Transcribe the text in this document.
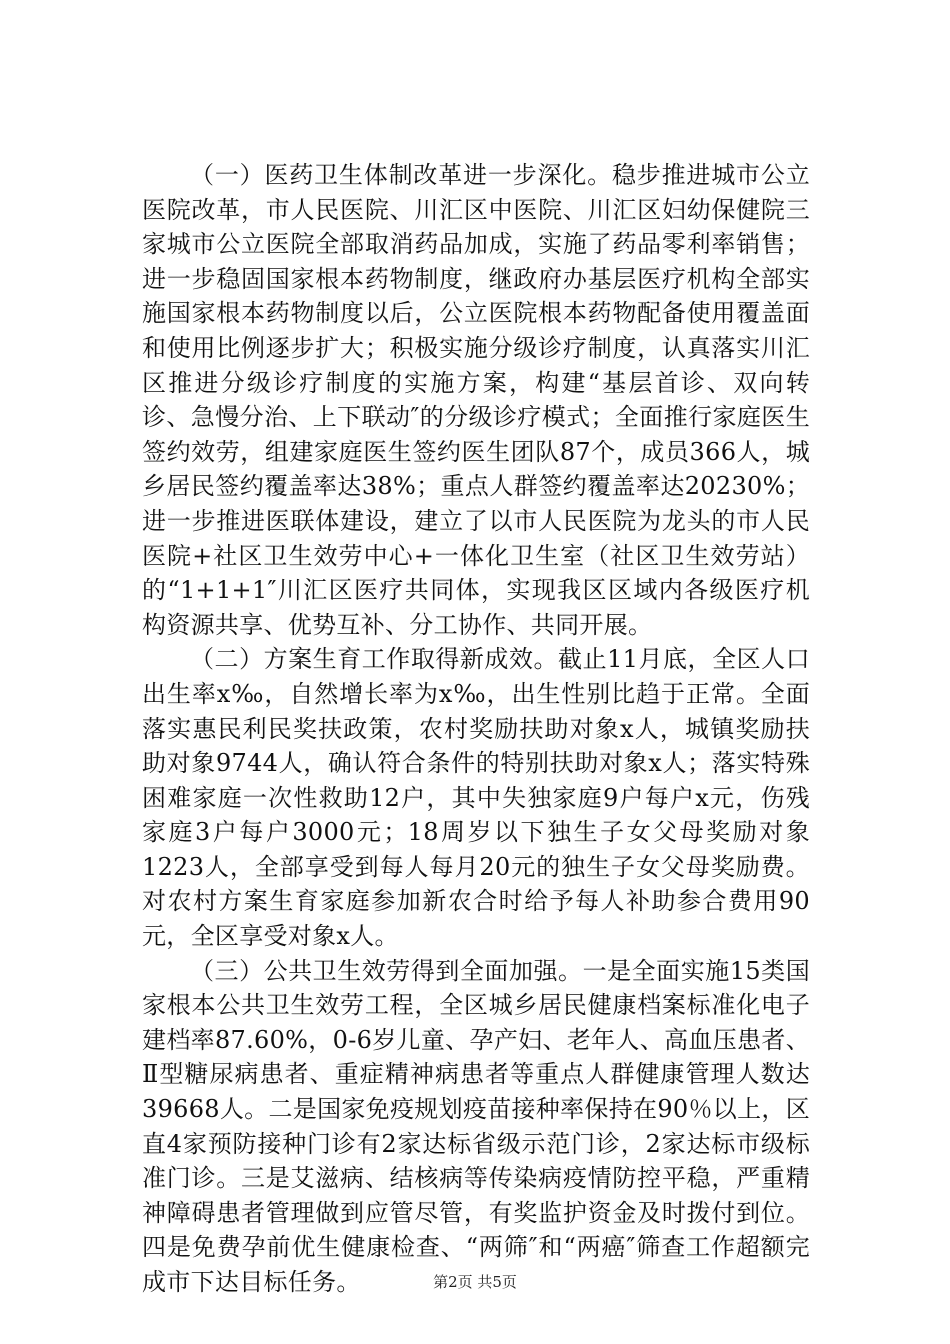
（一）医药卫生体制改革进一步深化。稳步推进城市公立医院改革，市人民医院、川汇区中医院、川汇区妇幼保健院三家城市公立医院全部取消药品加成，实施了药品零利率销售；进一步稳固国家根本药物制度，继政府办基层医疗机构全部实施国家根本药物制度以后，公立医院根本药物配备使用覆盖面和使用比例逐步扩大；积极实施分级诊疗制度，认真落实川汇区推进分级诊疗制度的实施方案，构建“基层首诊、双向转诊、急慢分治、上下联动″的分级诊疗模式；全面推行家庭医生签约效劳，组建家庭医生签约医生团队87个，成员366人，城乡居民签约覆盖率达38%；重点人群签约覆盖率达20230%；进一步推进医联体建设，建立了以市人民医院为龙头的市人民医院+社区卫生效劳中心+一体化卫生室（社区卫生效劳站）的“1+1+1″川汇区医疗共同体，实现我区区域内各级医疗机构资源共享、优势互补、分工协作、共同开展。

（二）方案生育工作取得新成效。截止11月底，全区人口出生率x‰，自然增长率为x‰，出生性别比趋于正常。全面落实惠民利民奖扶政策，农村奖励扶助对象x人，城镇奖励扶助对象9744人，确认符合条件的特别扶助对象x人；落实特殊困难家庭一次性救助12户，其中失独家庭9户每户x元，伤残家庭3户每户3000元；18周岁以下独生子女父母奖励对象1223人，全部享受到每人每月20元的独生子女父母奖励费。对农村方案生育家庭参加新农合时给予每人补助参合费用90元，全区享受对象x人。

（三）公共卫生效劳得到全面加强。一是全面实施15类国家根本公共卫生效劳工程，全区城乡居民健康档案标准化电子建档率87.60%，0-6岁儿童、孕产妇、老年人、高血压患者、Ⅱ型糖尿病患者、重症精神病患者等重点人群健康管理人数达39668人。二是国家免疫规划疫苗接种率保持在90％以上，区直4家预防接种门诊有2家达标省级示范门诊，2家达标市级标准门诊。三是艾滋病、结核病等传染病疫情防控平稳，严重精神障碍患者管理做到应管尽管，有奖监护资金及时拨付到位。四是免费孕前优生健康检查、“两筛″和“两癌″筛查工作超额完成市下达目标任务。	第2页 共5页
